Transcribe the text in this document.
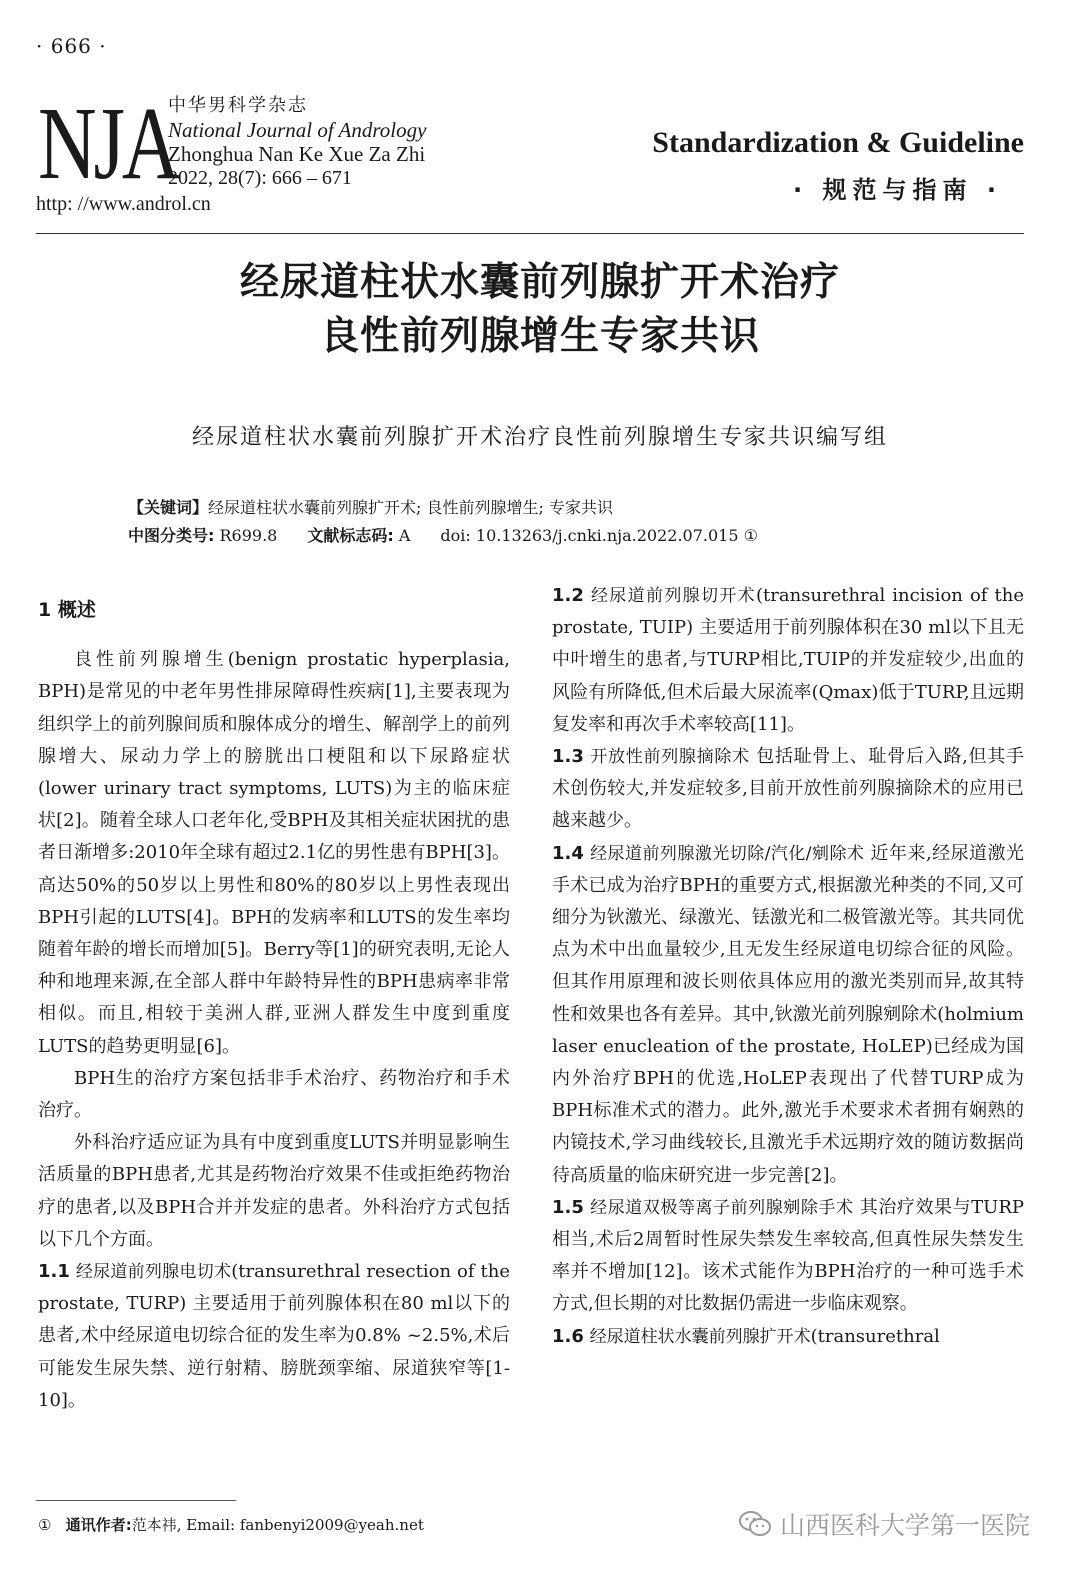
· 666 ·
NJA
中华男科学杂志
National Journal of Andrology
Zhonghua Nan Ke Xue Za Zhi
2022, 28(7): 666 – 671
http: //www.androl.cn
Standardization & Guideline
· 规范与指南 ·
经尿道柱状水囊前列腺扩开术治疗
良性前列腺增生专家共识
经尿道柱状水囊前列腺扩开术治疗良性前列腺增生专家共识编写组
【关键词】经尿道柱状水囊前列腺扩开术; 良性前列腺增生; 专家共识
中图分类号: R699.8 文献标志码: A doi: 10.13263/j.cnki.nja.2022.07.015 ①

1 概述

良性前列腺增生(benign prostatic hyperplasia, BPH)是常见的中老年男性排尿障碍性疾病[1],主要表现为组织学上的前列腺间质和腺体成分的增生、解剖学上的前列腺增大、尿动力学上的膀胱出口梗阻和以下尿路症状(lower urinary tract symptoms, LUTS)为主的临床症状[2]。随着全球人口老年化,受BPH及其相关症状困扰的患者日渐增多:2010年全球有超过2.1亿的男性患有BPH[3]。高达50%的50岁以上男性和80%的80岁以上男性表现出BPH引起的LUTS[4]。BPH的发病率和LUTS的发生率均随着年龄的增长而增加[5]。Berry等[1]的研究表明,无论人种和地理来源,在全部人群中年龄特异性的BPH患病率非常相似。而且,相较于美洲人群,亚洲人群发生中度到重度LUTS的趋势更明显[6]。

BPH生的治疗方案包括非手术治疗、药物治疗和手术治疗。

外科治疗适应证为具有中度到重度LUTS并明显影响生活质量的BPH患者,尤其是药物治疗效果不佳或拒绝药物治疗的患者,以及BPH合并并发症的患者。外科治疗方式包括以下几个方面。

1.1 经尿道前列腺电切术(transurethral resection of the prostate, TURP) 主要适用于前列腺体积在80 ml以下的患者,术中经尿道电切综合征的发生率为0.8% ~2.5%,术后可能发生尿失禁、逆行射精、膀胱颈挛缩、尿道狭窄等[1-10]。

1.2 经尿道前列腺切开术(transurethral incision of the prostate, TUIP) 主要适用于前列腺体积在30 ml以下且无中叶增生的患者,与TURP相比,TUIP的并发症较少,出血的风险有所降低,但术后最大尿流率(Qmax)低于TURP,且远期复发率和再次手术率较高[11]。

1.3 开放性前列腺摘除术 包括耻骨上、耻骨后入路,但其手术创伤较大,并发症较多,目前开放性前列腺摘除术的应用已越来越少。

1.4 经尿道前列腺激光切除/汽化/剜除术 近年来,经尿道激光手术已成为治疗BPH的重要方式,根据激光种类的不同,又可细分为钬激光、绿激光、铥激光和二极管激光等。其共同优点为术中出血量较少,且无发生经尿道电切综合征的风险。但其作用原理和波长则依具体应用的激光类别而异,故其特性和效果也各有差异。其中,钬激光前列腺剜除术(holmium laser enucleation of the prostate, HoLEP)已经成为国内外治疗BPH的优选,HoLEP表现出了代替TURP成为BPH标准术式的潜力。此外,激光手术要求术者拥有娴熟的内镜技术,学习曲线较长,且激光手术远期疗效的随访数据尚待高质量的临床研究进一步完善[2]。

1.5 经尿道双极等离子前列腺剜除手术 其治疗效果与TURP相当,术后2周暂时性尿失禁发生率较高,但真性尿失禁发生率并不增加[12]。该术式能作为BPH治疗的一种可选手术方式,但长期的对比数据仍需进一步临床观察。

1.6 经尿道柱状水囊前列腺扩开术(transurethral

① 通讯作者:范本祎, Email: fanbenyi2009@yeah.net	山西医科大学第一医院
